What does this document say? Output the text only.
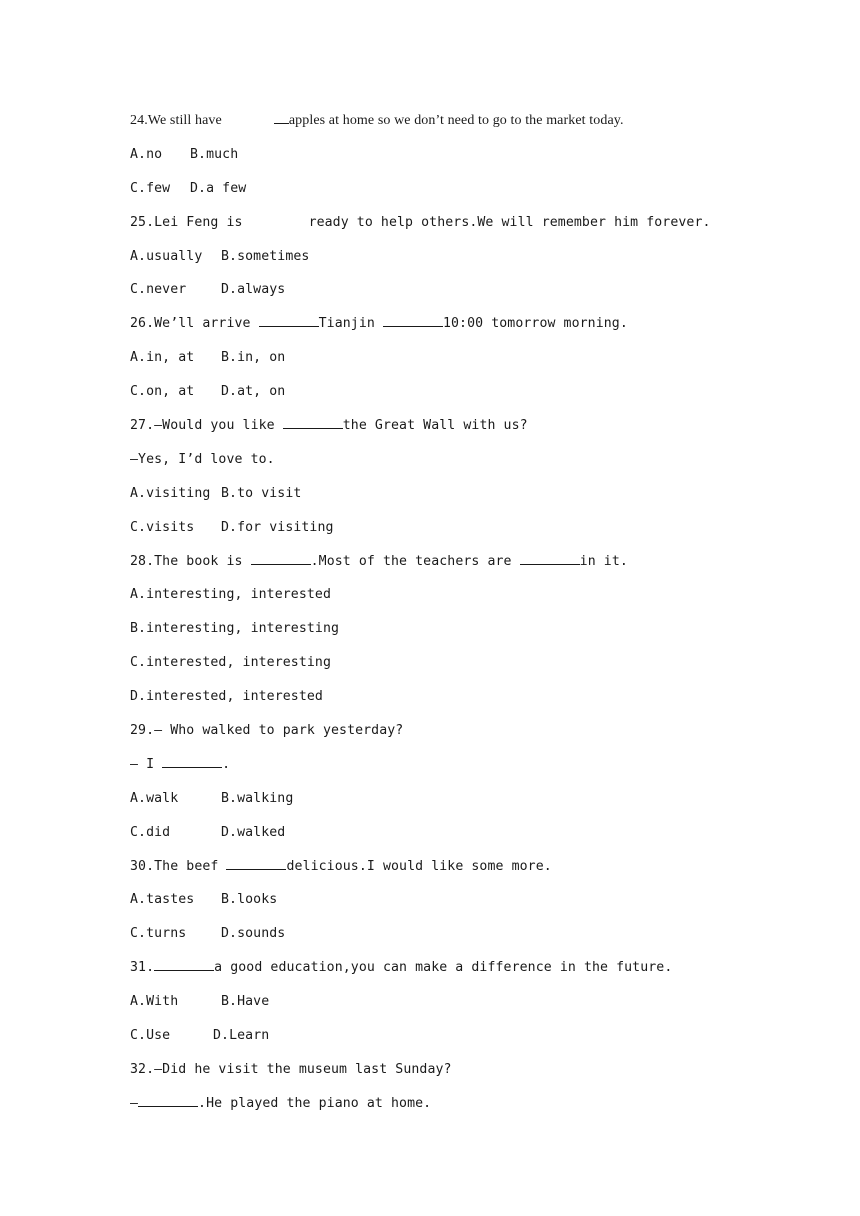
24.We still have	apples at home so we don’t need to go to the market today.
A.no B.much
C.few D.a few
25.Lei Feng is	ready to help others.We will remember him forever.
A.usually B.sometimes
C.never	D.always
26.We’ll arrive	Tianjin	10:00 tomorrow morning.
A.in, at B.in, on
C.on, at D.at, on
27.—Would you like	the Great Wall with us?
—Yes, I’d love to.
A.visiting B.to visit
C.visits D.for visiting
28.The book is	.Most of the teachers are	in it.
A.interesting, interested
B.interesting, interesting
C.interested, interesting
D.interested, interested
29.— Who walked to park yesterday?
— I	.
A.walk	B.walking
C.did	D.walked
30.The beef	delicious.I would like some more.
A.tastes B.looks
C.turns	D.sounds
31.	a good education,you can make a difference in the future.
A.With	B.Have
C.Use	D.Learn
32.—Did he visit the museum last Sunday?
—	.He played the piano at home.
